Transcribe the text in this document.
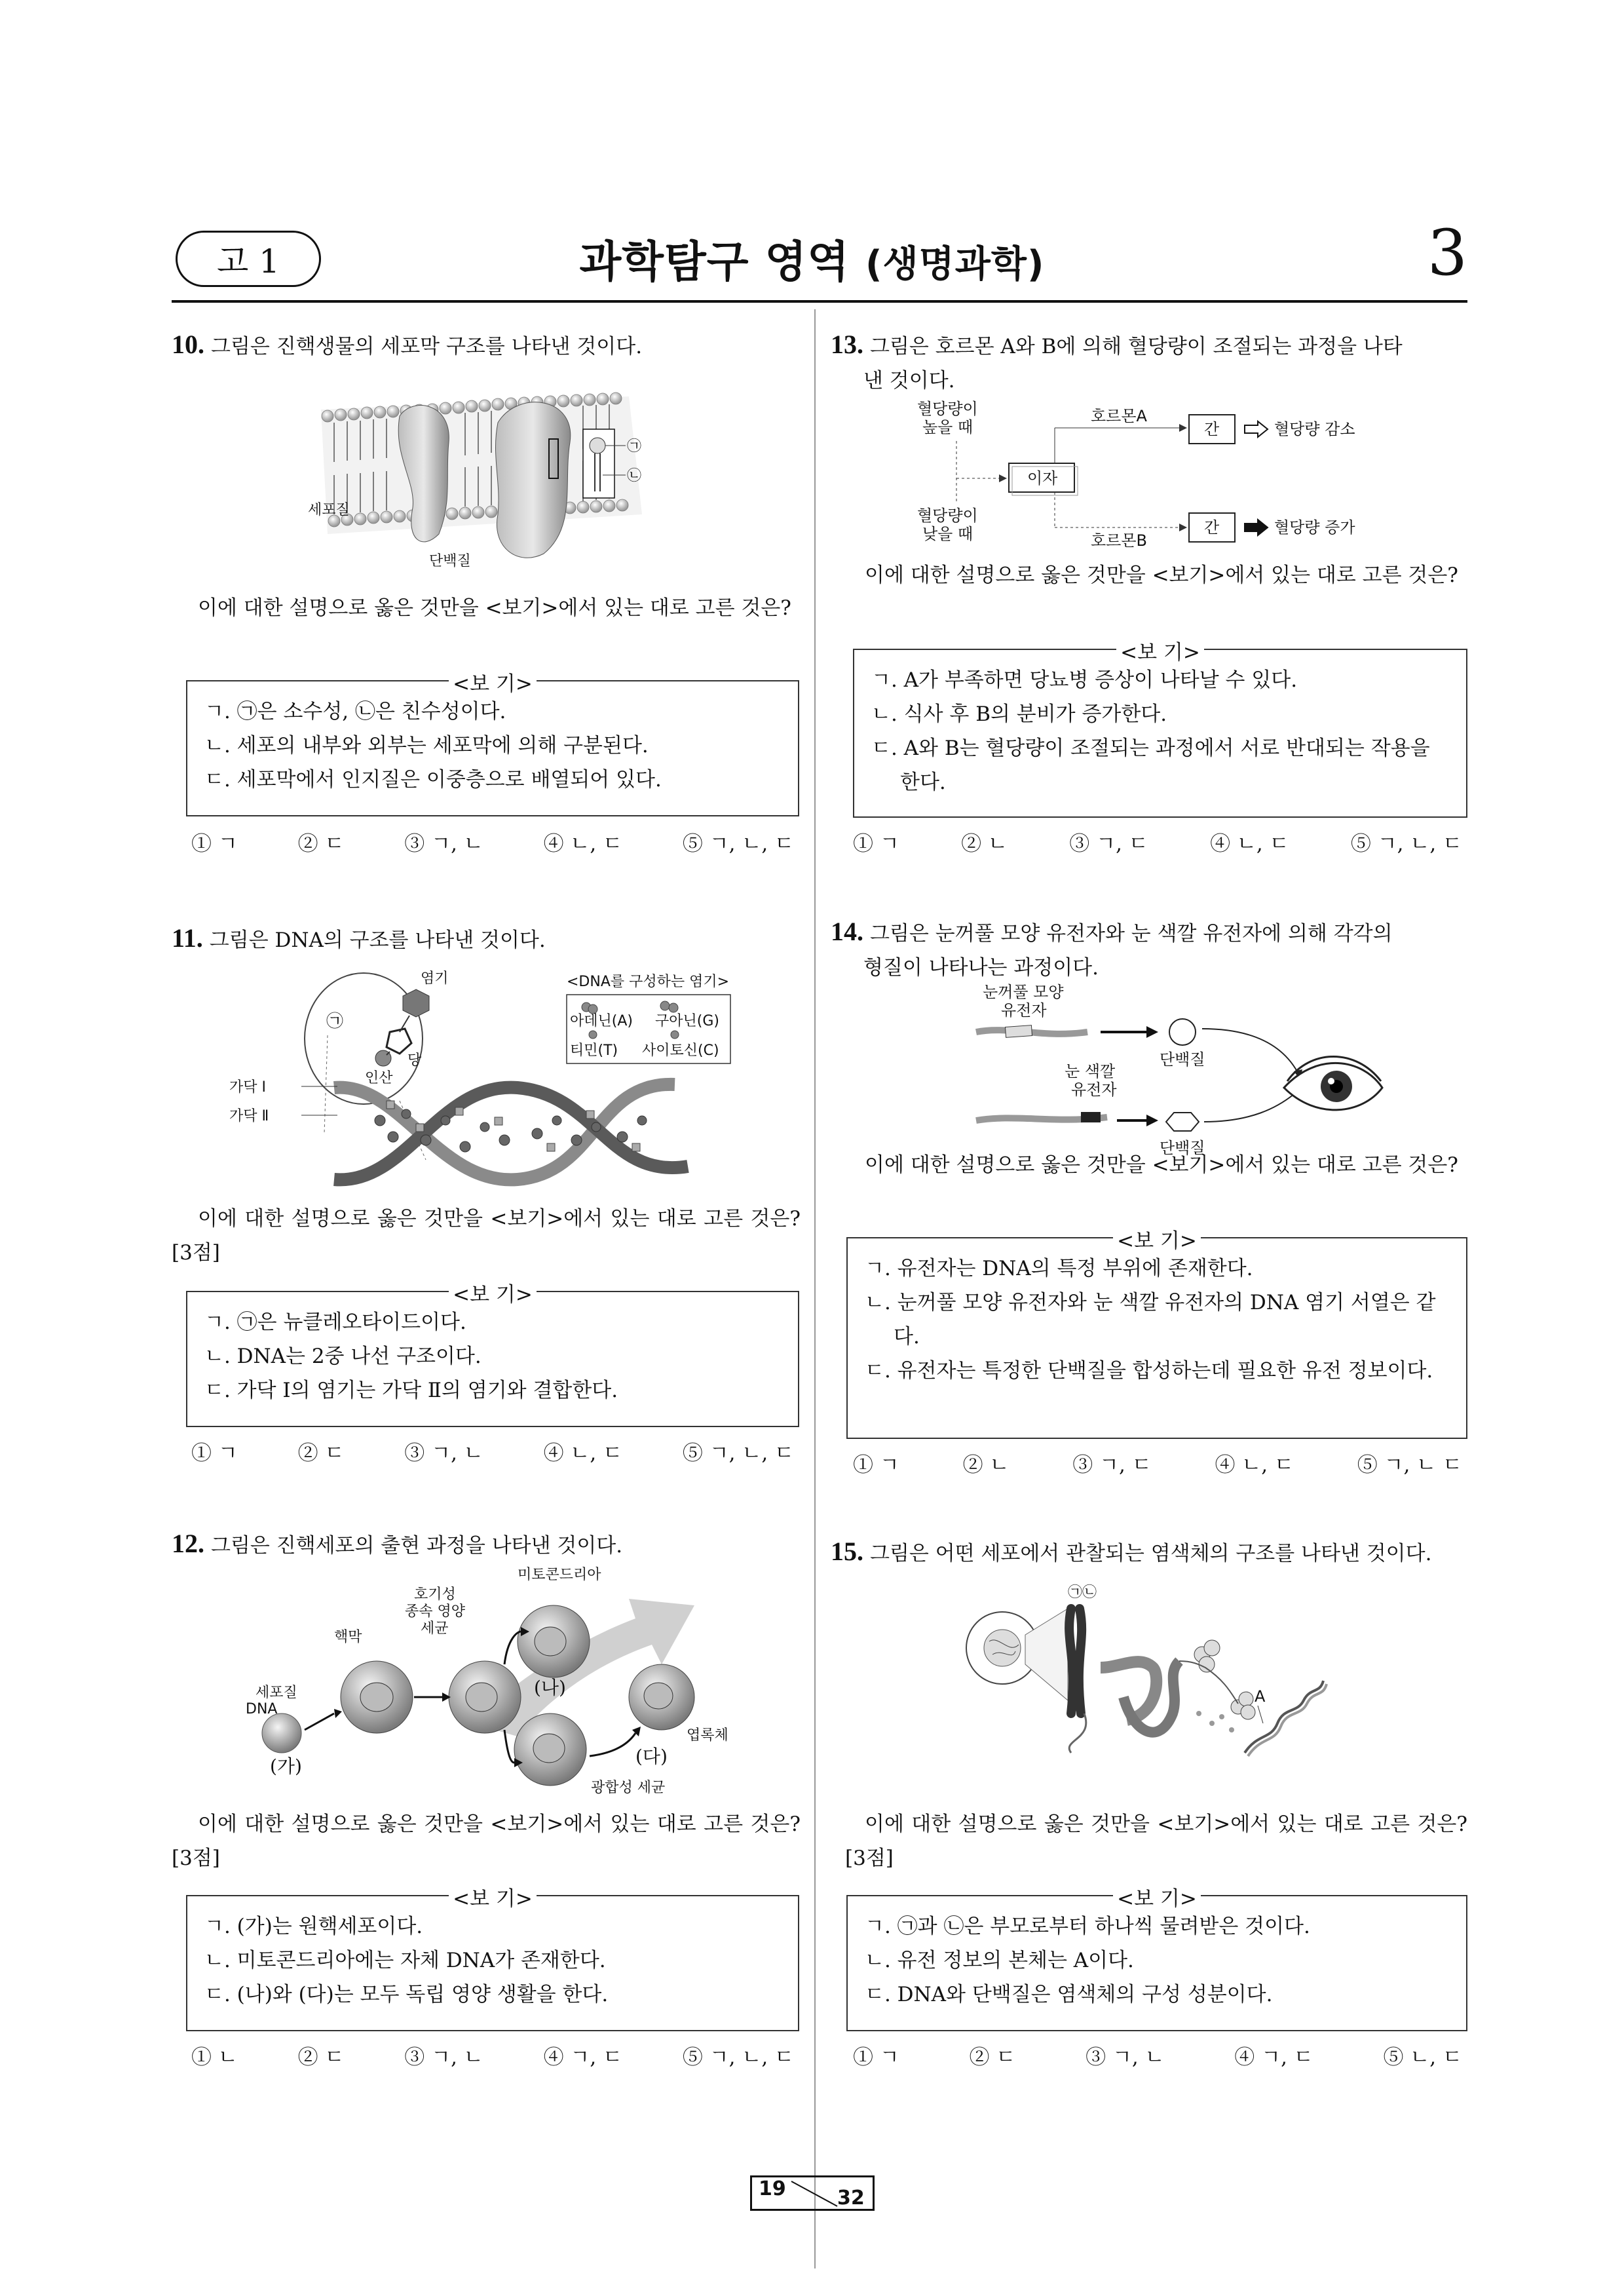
고 1	과학탐구 영역 (생명과학)	3
10. 그림은 진핵생물의 세포막 구조를 나타낸 것이다.
㉠
㉡
세포질
단백질
이에 대한 설명으로 옳은 것만을 <보기>에서 있는 대로 고른 것은?
<보 기>
ㄱ. ㉠은 소수성, ㉡은 친수성이다.
ㄴ. 세포의 내부와 외부는 세포막에 의해 구분된다.
ㄷ. 세포막에서 인지질은 이중층으로 배열되어 있다.
① ㄱ	② ㄷ	③ ㄱ, ㄴ	④ ㄴ, ㄷ	⑤ ㄱ, ㄴ, ㄷ
11. 그림은 DNA의 구조를 나타낸 것이다.
염기
당
인산
㉠
가닥 Ⅰ
가닥 Ⅱ
<DNA를 구성하는 염기>
아데닌(A) 구아닌(G)
티민(T) 사이토신(C)
이에 대한 설명으로 옳은 것만을 <보기>에서 있는 대로 고른 것은? [3점]
<보 기>
ㄱ. ㉠은 뉴클레오타이드이다.
ㄴ. DNA는 2중 나선 구조이다.
ㄷ. 가닥 Ⅰ의 염기는 가닥 Ⅱ의 염기와 결합한다.
① ㄱ	② ㄷ	③ ㄱ, ㄴ	④ ㄴ, ㄷ	⑤ ㄱ, ㄴ, ㄷ
12. 그림은 진핵세포의 출현 과정을 나타낸 것이다.
미토콘드리아
호기성
종속 영양
세균
핵막
세포질
DNA
(가)
(나)
(다)
엽록체
광합성 세균
이에 대한 설명으로 옳은 것만을 <보기>에서 있는 대로 고른 것은? [3점]
<보 기>
ㄱ. (가)는 원핵세포이다.
ㄴ. 미토콘드리아에는 자체 DNA가 존재한다.
ㄷ. (나)와 (다)는 모두 독립 영양 생활을 한다.
① ㄴ	② ㄷ	③ ㄱ, ㄴ	④ ㄱ, ㄷ	⑤ ㄱ, ㄴ, ㄷ
13. 그림은 호르몬 A와 B에 의해 혈당량이 조절되는 과정을 나타
낸 것이다.
혈당량이
높을 때
혈당량이
낮을 때
이자
호르몬A
호르몬B
간
간
혈당량 감소
혈당량 증가
이에 대한 설명으로 옳은 것만을 <보기>에서 있는 대로 고른 것은?
<보 기>
ㄱ. A가 부족하면 당뇨병 증상이 나타날 수 있다.
ㄴ. 식사 후 B의 분비가 증가한다.
ㄷ. A와 B는 혈당량이 조절되는 과정에서 서로 반대되는 작용을 한다.
① ㄱ	② ㄴ	③ ㄱ, ㄷ	④ ㄴ, ㄷ	⑤ ㄱ, ㄴ, ㄷ
14. 그림은 눈꺼풀 모양 유전자와 눈 색깔 유전자에 의해 각각의
형질이 나타나는 과정이다.
눈꺼풀 모양
유전자
단백질
눈 색깔
유전자
단백질
이에 대한 설명으로 옳은 것만을 <보기>에서 있는 대로 고른 것은?
<보 기>
ㄱ. 유전자는 DNA의 특정 부위에 존재한다.
ㄴ. 눈꺼풀 모양 유전자와 눈 색깔 유전자의 DNA 염기 서열은 같다.
ㄷ. 유전자는 특정한 단백질을 합성하는데 필요한 유전 정보이다.
① ㄱ	② ㄴ	③ ㄱ, ㄷ	④ ㄴ, ㄷ	⑤ ㄱ, ㄴ ㄷ
15. 그림은 어떤 세포에서 관찰되는 염색체의 구조를 나타낸 것이다.
㉠㉡
A
이에 대한 설명으로 옳은 것만을 <보기>에서 있는 대로 고른 것은? [3점]
<보 기>
ㄱ. ㉠과 ㉡은 부모로부터 하나씩 물려받은 것이다.
ㄴ. 유전 정보의 본체는 A이다.
ㄷ. DNA와 단백질은 염색체의 구성 성분이다.
① ㄱ	② ㄷ	③ ㄱ, ㄴ	④ ㄱ, ㄷ	⑤ ㄴ, ㄷ
19	32
